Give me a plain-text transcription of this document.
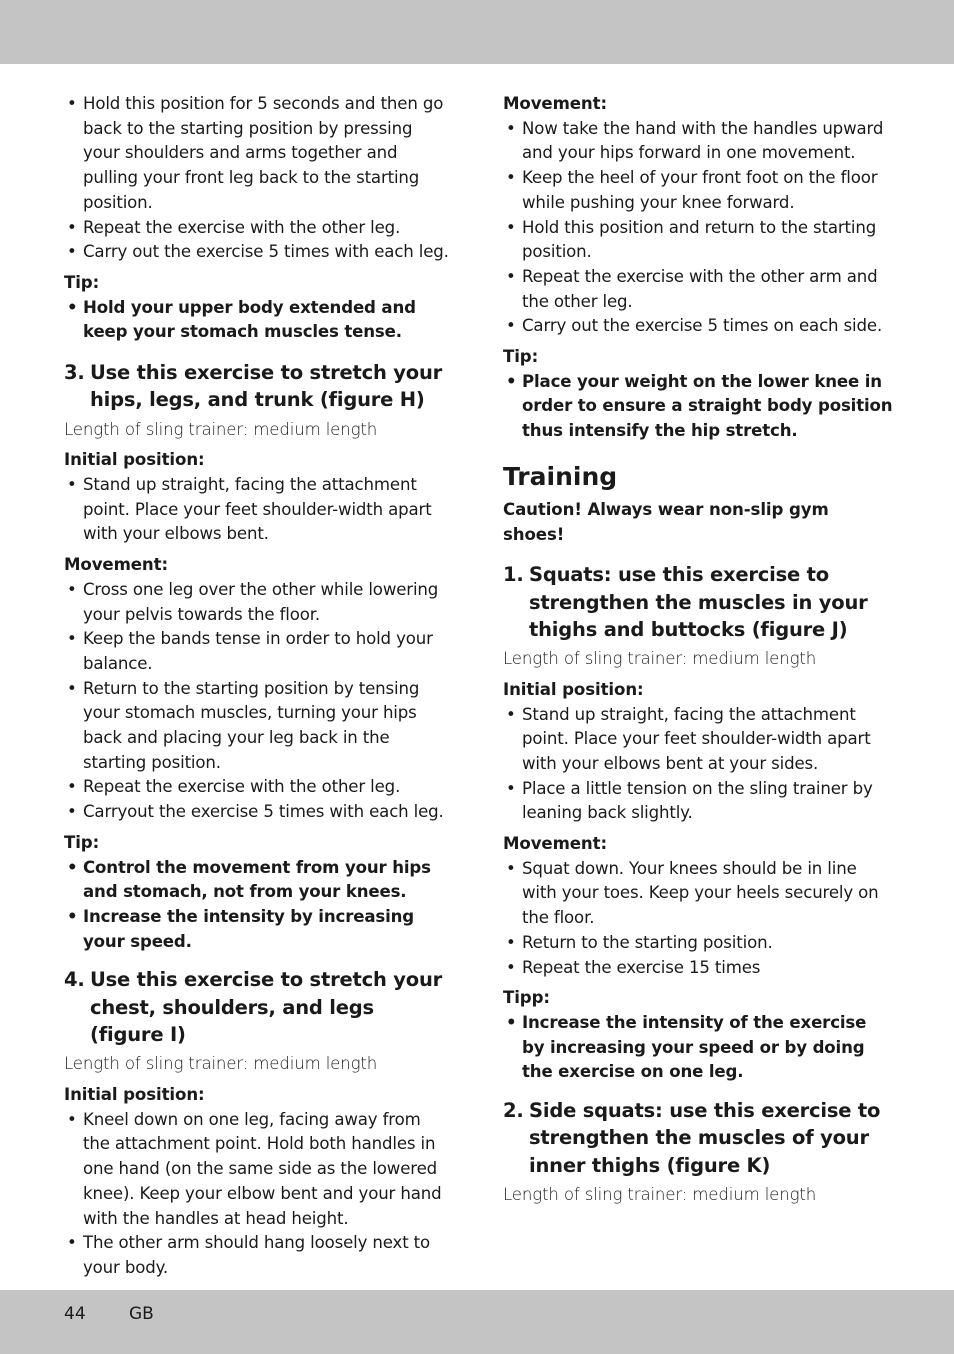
• Hold this position for 5 seconds and then go back to the starting position by pressing your shoulders and arms together and pulling your front leg back to the starting position.
• Repeat the exercise with the other leg.
• Carry out the exercise 5 times with each leg.
Tip:
• Hold your upper body extended and keep your stomach muscles tense.
3. Use this exercise to stretch your hips, legs, and trunk (figure H)
Length of sling trainer: medium length
Initial position:
• Stand up straight, facing the attachment point. Place your feet shoulder-width apart with your elbows bent.
Movement:
• Cross one leg over the other while lowering your pelvis towards the floor.
• Keep the bands tense in order to hold your balance.
• Return to the starting position by tensing your stomach muscles, turning your hips back and placing your leg back in the starting position.
• Repeat the exercise with the other leg.
• Carryout the exercise 5 times with each leg.
Tip:
• Control the movement from your hips and stomach, not from your knees.
• Increase the intensity by increasing your speed.
4. Use this exercise to stretch your chest, shoulders, and legs (figure I)
Length of sling trainer: medium length
Initial position:
• Kneel down on one leg, facing away from the attachment point. Hold both handles in one hand (on the same side as the lowered knee). Keep your elbow bent and your hand with the handles at head height.
• The other arm should hang loosely next to your body.
Movement:
• Now take the hand with the handles upward and your hips forward in one movement.
• Keep the heel of your front foot on the floor while pushing your knee forward.
• Hold this position and return to the starting position.
• Repeat the exercise with the other arm and the other leg.
• Carry out the exercise 5 times on each side.
Tip:
• Place your weight on the lower knee in order to ensure a straight body position thus intensify the hip stretch.
Training
Caution! Always wear non-slip gym shoes!
1. Squats: use this exercise to strengthen the muscles in your thighs and buttocks (figure J)
Length of sling trainer: medium length
Initial position:
• Stand up straight, facing the attachment point. Place your feet shoulder-width apart with your elbows bent at your sides.
• Place a little tension on the sling trainer by leaning back slightly.
Movement:
• Squat down. Your knees should be in line with your toes. Keep your heels securely on the floor.
• Return to the starting position.
• Repeat the exercise 15 times
Tipp:
• Increase the intensity of the exercise by increasing your speed or by doing the exercise on one leg.
2. Side squats: use this exercise to strengthen the muscles of your inner thighs (figure K)
Length of sling trainer: medium length
44	GB
